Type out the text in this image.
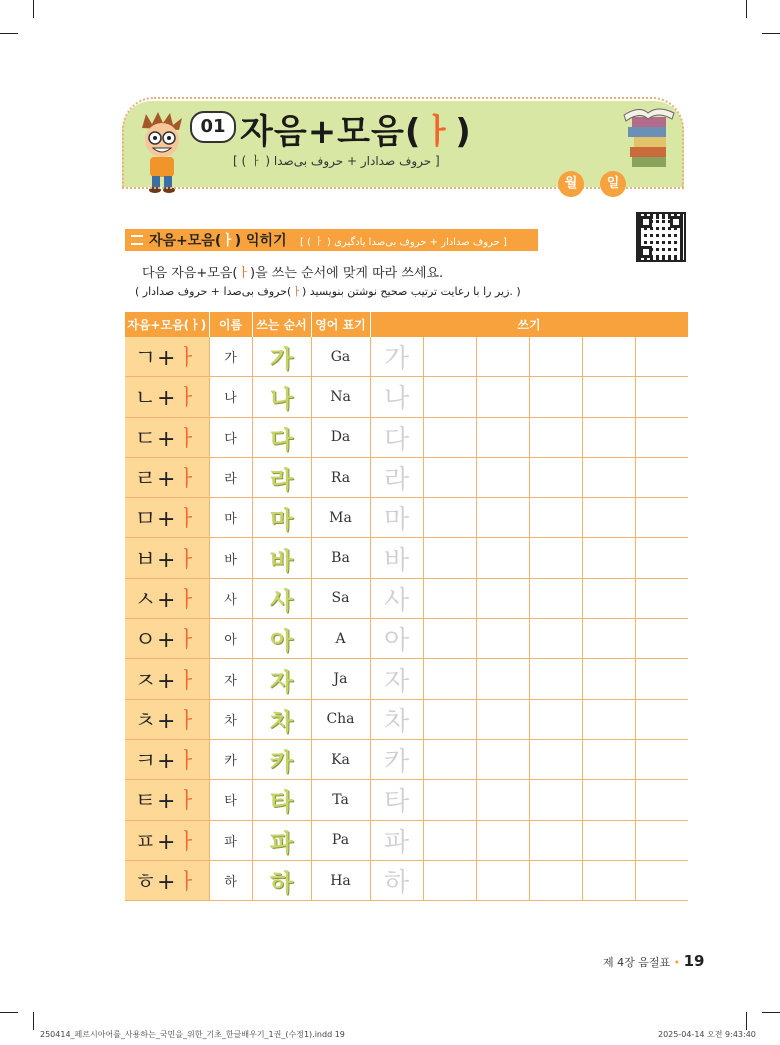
01 자음+모음(ㅏ)
[ ( ㅏ ) حروف صدادار + حروف بی‌صدا ]
월	일
자음+모음(ㅏ) 익히기 [ ( ㅏ ) حروف صدادار + حروف بی‌صدا یادگیری ]
다음 자음+모음(ㅏ)을 쓰는 순서에 맞게 따라 쓰세요.
( حروف بی‌صدا + حروف صدادار(ㅏ) زیر را با رعایت ترتیب صحیح نوشتن بنویسید. )
자음+모음(ㅏ)	이름	쓰는 순서	영어 표기	쓰기					
ㄱ+ㅏ	가	가	Ga	가					
ㄴ+ㅏ	나	나	Na	나					
ㄷ+ㅏ	다	다	Da	다					
ㄹ+ㅏ	라	라	Ra	라					
ㅁ+ㅏ	마	마	Ma	마					
ㅂ+ㅏ	바	바	Ba	바					
ㅅ+ㅏ	사	사	Sa	사					
ㅇ+ㅏ	아	아	A	아					
ㅈ+ㅏ	자	자	Ja	자					
ㅊ+ㅏ	차	차	Cha	차					
ㅋ+ㅏ	카	카	Ka	카					
ㅌ+ㅏ	타	타	Ta	타					
ㅍ+ㅏ	파	파	Pa	파					
ㅎ+ㅏ	하	하	Ha	하					
제 4장 음절표 • 19
250414_페르시아어를_사용하는_국민을_위한_기초_한글배우기_1권_(수정1).indd 19	2025-04-14 오전 9:43:40
